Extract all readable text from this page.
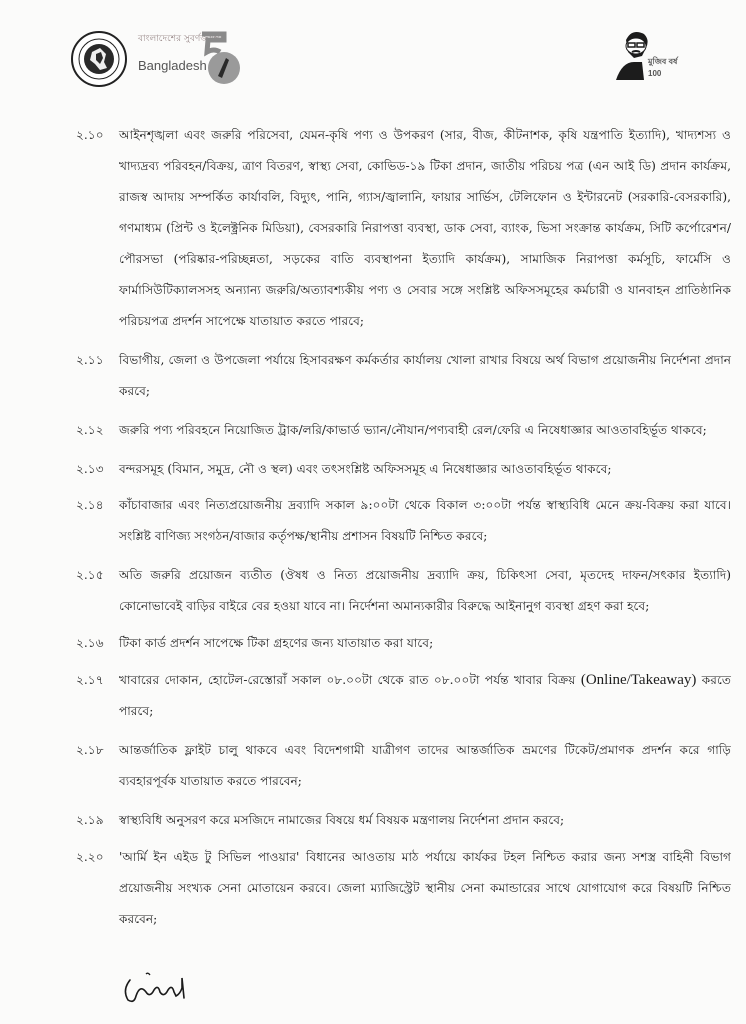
বাংলাদেশের সুবর্ণজয়ন্তী
Bangladesh	মুজিব বর্ষ 100
২.১০ আইনশৃঙ্খলা এবং জরুরি পরিসেবা, যেমন-কৃষি পণ্য ও উপকরণ (সার, বীজ, কীটনাশক, কৃষি যন্ত্রপাতি ইত্যাদি), খাদ্যশস্য ও খাদ্যদ্রব্য পরিবহন/বিক্রয়, ত্রাণ বিতরণ, স্বাস্থ্য সেবা, কোভিড-১৯ টিকা প্রদান, জাতীয় পরিচয় পত্র (এন আই ডি) প্রদান কার্যক্রম, রাজস্ব আদায় সম্পর্কিত কার্যাবলি, বিদ্যুৎ, পানি, গ্যাস/জ্বালানি, ফায়ার সার্ভিস, টেলিফোন ও ইন্টারনেট (সরকারি-বেসরকারি), গণমাধ্যম (প্রিন্ট ও ইলেক্ট্রনিক মিডিয়া), বেসরকারি নিরাপত্তা ব্যবস্থা, ডাক সেবা, ব্যাংক, ভিসা সংক্রান্ত কার্যক্রম, সিটি কর্পোরেশন/পৌরসভা (পরিষ্কার-পরিচ্ছন্নতা, সড়কের বাতি ব্যবস্থাপনা ইত্যাদি কার্যক্রম), সামাজিক নিরাপত্তা কর্মসূচি, ফার্মেসি ও ফার্মাসিউটিক্যালসসহ অন্যান্য জরুরি/অত্যাবশ্যকীয় পণ্য ও সেবার সঙ্গে সংশ্লিষ্ট অফিসসমূহের কর্মচারী ও যানবাহন প্রাতিষ্ঠানিক পরিচয়পত্র প্রদর্শন সাপেক্ষে যাতায়াত করতে পারবে;

২.১১ বিভাগীয়, জেলা ও উপজেলা পর্যায়ে হিসাবরক্ষণ কর্মকর্তার কার্যালয় খোলা রাখার বিষয়ে অর্থ বিভাগ প্রয়োজনীয় নির্দেশনা প্রদান করবে;

২.১২ জরুরি পণ্য পরিবহনে নিয়োজিত ট্রাক/লরি/কাভার্ড ভ্যান/নৌযান/পণ্যবাহী রেল/ফেরি এ নিষেধাজ্ঞার আওতাবহির্ভূত থাকবে;

২.১৩ বন্দরসমূহ (বিমান, সমুদ্র, নৌ ও স্থল) এবং তৎসংশ্লিষ্ট অফিসসমূহ এ নিষেধাজ্ঞার আওতাবহির্ভূত থাকবে;

২.১৪ কাঁচাবাজার এবং নিত্যপ্রয়োজনীয় দ্রব্যাদি সকাল ৯:০০টা থেকে বিকাল ৩:০০টা পর্যন্ত স্বাস্থ্যবিধি মেনে ক্রয়-বিক্রয় করা যাবে। সংশ্লিষ্ট বাণিজ্য সংগঠন/বাজার কর্তৃপক্ষ/স্থানীয় প্রশাসন বিষয়টি নিশ্চিত করবে;

২.১৫ অতি জরুরি প্রয়োজন ব্যতীত (ঔষধ ও নিত্য প্রয়োজনীয় দ্রব্যাদি ক্রয়, চিকিৎসা সেবা, মৃতদেহ দাফন/সৎকার ইত্যাদি) কোনোভাবেই বাড়ির বাইরে বের হওয়া যাবে না। নির্দেশনা অমান্যকারীর বিরুদ্ধে আইনানুগ ব্যবস্থা গ্রহণ করা হবে;

২.১৬ টিকা কার্ড প্রদর্শন সাপেক্ষে টিকা গ্রহণের জন্য যাতায়াত করা যাবে;

২.১৭ খাবারের দোকান, হোটেল-রেস্তোরাঁ সকাল ০৮.০০টা থেকে রাত ০৮.০০টা পর্যন্ত খাবার বিক্রয় (Online/Takeaway) করতে পারবে;

২.১৮ আন্তর্জাতিক ফ্লাইট চালু থাকবে এবং বিদেশগামী যাত্রীগণ তাদের আন্তর্জাতিক ভ্রমণের টিকেট/প্রমাণক প্রদর্শন করে গাড়ি ব্যবহারপূর্বক যাতায়াত করতে পারবেন;

২.১৯ স্বাস্থ্যবিধি অনুসরণ করে মসজিদে নামাজের বিষয়ে ধর্ম বিষয়ক মন্ত্রণালয় নির্দেশনা প্রদান করবে;

২.২০ 'আর্মি ইন এইড টু সিভিল পাওয়ার' বিধানের আওতায় মাঠ পর্যায়ে কার্যকর টহল নিশ্চিত করার জন্য সশস্ত্র বাহিনী বিভাগ প্রয়োজনীয় সংখ্যক সেনা মোতায়েন করবে। জেলা ম্যাজিস্ট্রেট স্থানীয় সেনা কমান্ডারের সাথে যোগাযোগ করে বিষয়টি নিশ্চিত করবেন;
